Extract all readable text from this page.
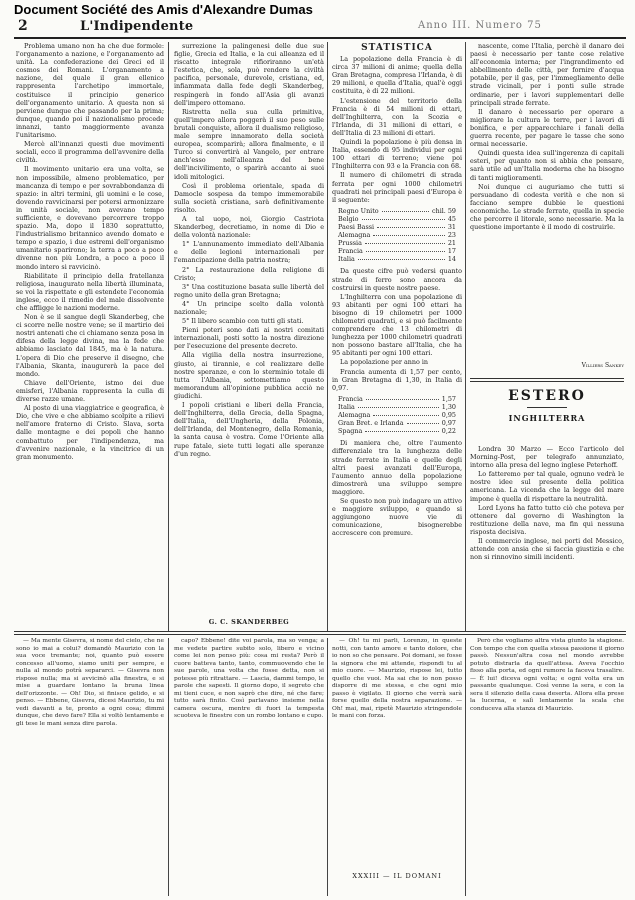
Document Société des Amis d'Alexandre Dumas
2	L'Indipendente	Anno III. Numero 75

Problema umano non ha che due formole: l'organamento a nazione, e l'organamento ad unità. La confederazione dei Greci ed il cosmos dei Romani. L'organamento a nazione, del quale il gran ellenico rappresenta l'archetipo immortale, costituisce il principio generico dell'organamento unitario. A questa non si perviene dunque che passando per la prima; dunque, quando poi il nazionalismo procede innanzi, tanto maggiormente avanza l'unitarismo.

Mercè all'innanzi questi due movimenti sociali, ecco il programma dell'avvenire della civiltà.

Il movimento unitario era una volta, se non impossibile, almeno problematico, per mancanza di tempo e per sovrabbondanza di spazio: in altri termini, gli uomini e le cose, dovendo ravvicinarsi per potersi armonizzare in unità sociale, non avevano tempo sufficiente, e dovevano percorrere troppo spazio. Ma, dopo il 1830 soprattutto, l'industrialismo britannico avendo domato e tempo e spazio, i due estremi dell'organismo umanitario sparirono; la terra a poco a poco divenne non più Londra, a poco a poco il mondo intero si ravvicinò.

Riabilitate il principio della fratellanza religiosa, inaugurato nella libertà illuminata, se voi la rispettate e gli estendete l'economia inglese, ecco il rimedio del male dissolvente che affligge le nazioni moderne.

Non è se il sangue degli Skanderbeg, che ci scorre nelle nostre vene; se il martirio dei nostri antenati che ci chiamano senza posa in difesa della legge divina, ma la fede che abbiamo lasciato dal 1845, ma è la natura. L'opera di Dio che preserve il disegno, che l'Albania, Skanta, inaugurerà la pace del mondo.

Chiave dell'Oriente, istmo dei due emisferi, l'Albania rappresenta la culla di diverse razze umane.

Al posto di una viaggiatrice e geografica, è Dio, che vive e che abbiamo scolpite a rilievi nell'amore fraterno di Cristo. Slava, sorta dalle montagne e dei popoli che hanno combattuto per l'indipendenza, ma d'avvenire nazionale, e la vincitrice di un gran monumento.

surrezione la palingenesi delle due sue figlie, Grecia ed Italia, e la cui alleanza ed il riscatto integrale rifioriranno un'età l'estetica, che, sola, può rendere la civiltà pacifica, personale, durevole, cristiana, ed, infiammata dalla fede degli Skanderbeg, respingerà in fondo all'Asia gli avanzi dell'impero ottomano.

Ristretta nella sua culla primitiva, quell'impero allora poggerà il suo peso sulle brutali conquiste, allora il dualismo religioso, male sempre innamorato della società europea, scomparirà; allora finalmente, e il Turco si convertirà al Vangelo, per entrare anch'esso nell'alleanza del bene dell'incivilimento, o sparirà accanto ai suoi idoli mitologici.

Così il problema orientale, spada di Damocle sospesa da tempo immemorabile sulla società cristiana, sarà definitivamente risolto.

A tal uopo, noi, Giorgio Castriota Skanderbeg, decretiamo, in nome di Dio e della volontà nazionale:

1° L'annunamento immediato dell'Albania e delle legioni internazionali per l'emancipazione della patria nostra;

2° La restaurazione della religione di Cristo;

3° Una costituzione basata sulle libertà del regno unito della gran Bretagna;

4° Un principe scelto dalla volontà nazionale;

5° Il libero scambio con tutti gli stati.

Pieni poteri sono dati ai nostri comitati internazionali, posti sotto la nostra direzione per l'esecuzione del presente decreto.

Alla vigilia della nostra insurrezione, giusto, ai tirannie, e col realizzare delle nostre speranze, e con lo sterminio totale di tutta l'Albania, sottomettiamo questo memorandum all'opinione pubblica acciò ne giudichi.

I popoli cristiani e liberi della Francia, dell'Inghilterra, della Grecia, della Spagna, dell'Italia, dell'Ungheria, della Polonia, dell'Irlanda, del Montenegro, della Romania, la santa causa è vostra. Come l'Oriente alla rupe fatale, siete tutti legati alle speranze d'un regno.

G. C. SKANDERBEG
STATISTICA

La popolazione della Francia è di circa 37 milioni di anime; quella della Gran Bretagna, compresa l'Irlanda, è di 29 milioni, e quella d'Italia, qual'è oggi costituita, è di 22 milioni.

L'estensione del territorio della Francia è di 54 milioni di ettari, dell'Inghilterra, con la Scozia e l'Irlanda, di 31 milioni di ettari, e dell'Italia di 23 milioni di ettari.

Quindi la popolazione è più densa in Italia, essendo di 95 individui per ogni 100 ettari di terreno; viene poi l'Inghilterra con 93 e la Francia con 68.

Il numero di chilometri di strada ferrata per ogni 1000 chilometri quadrati nei principali paesi d'Europa è il seguente:

Regno Unito	chil. 59
Belgio	45
Paesi Bassi	31
Alemagna	23
Prussia	21
Francia	17
Italia	14

Da queste cifre può vedersi quanto strade di ferro sono ancora da costruirsi in queste nostre paese.

L'Inghilterra con una popolazione di 93 abitanti per ogni 100 ettari ha bisogno di 19 chilometri per 1000 chilometri quadrati, e si può facilmente comprendere che 13 chilometri di lunghezza per 1000 chilometri quadrati non possono bastare all'Italia, che ha 95 abitanti per ogni 100 ettari.

La popolazione per anno in

Francia aumenta di 1,57 per cento, in Gran Bretagna di 1,30, in Italia di 0,97.

Francia	1,57
Italia	1,30
Alemagna	0,95
Gran Bret. e Irlanda	0,97
Spagna	0,22

Di maniera che, oltre l'aumento differenziale tra la lunghezza delle strade ferrate in Italia e quelle degli altri paesi avanzati dell'Europa, l'aumento annuo della popolazione dimostrerà una sviluppo sempre maggiore.

Se questo non può indagare un attivo e maggiore sviluppo, e quando si aggiungono nuove vie di comunicazione, bisognerebbe accrescere con premure.

nascente, come l'Italia, perchè il danaro dei paesi è necessario per tante cose relative all'economia interna; per l'ingrandimento ed abbellimento delle città, per fornire d'acqua potabile, per il gas, per l'immegliamento delle strade vicinali, per i ponti sulle strade ordinarie, per i lavori supplementari delle principali strade ferrate.

Il danaro è necessario per operare a migliorare la cultura le terre, per i lavori di bonifica, e per apparecchiare i fanali della guerra recente, per pagare le tasse che sono ormai necessarie.

Quindi questa idea sull'ingerenza di capitali esteri, per quanto non si abbia che pensare, sarà utile ad un'Italia moderna che ha bisogno di tanti miglioramenti.

Noi dunque ci auguriamo che tutti si persuadano di codesta verità e che non si facciano sempre dubbie le questioni economiche. Le strade ferrate, quella in specie che percorre il litorale, sono necessarie. Ma la questione importante è il modo di costruirle.

Villiers Sankey
ESTERO
INGHILTERRA

Londra 30 Marzo — Ecco l'articolo del Morning-Post, per telegrafo annunziato, intorno alla presa del legno inglese Peterhoff.

Lo fatteremo per tal quale, ognuno vedrà le nostre idee sul presente della politica americana. La vicenda che la legge del mare impone è quella di rispettare la neutralità.

Lord Lyons ha fatto tutto ciò che poteva per ottenere dal governo di Washington la restituzione della nave, ma fin qui nessuna risposta decisiva.

Il commercio inglese, nei porti del Messico, attende con ansia che si faccia giustizia e che non si rinnovino simili incidenti.

— Ma mente Gisevra, si nome del cielo, che ne sono io mai a colui? domandò Maurizio con la sua voce tremante; noi, quanto può essere concesso all'uomo, siamo uniti per sempre, e nulla al mondo potrà separarci. — Gisevra non rispose nulla; ma si avvicinò alla finestra, e si mise a guardare lontano la bruna linea dell'orizzonte. — Oh! Dio, si finisce gelido, e si penso. — Ebbene, Gisevra, dicesi Maurizio, tu mi vedi davanti a te, pronto a ogni cosa; dimmi dunque, che devo fare? Ella si voltò lentamente e gli tese le mani senza dire parola.

capo? Ebbene! dite voi parola, ma so venga; a me vedete partire subito solo, libero e vicino come lei non penso più: cosa mi resta? Però il cuore batteva tanto, tanto, commuovendo che le sue parole, una volta che fosse detta, non si potesse più ritrattare. — Lascia, dammi tempo, le parole che sapesti. Il giorno dopo, il segreto che mi tieni cuce, e non saprò che dire, né che fare; tutto sarà finito. Così parlavano insieme nella camera oscura, mentre di fuori la tempesta scuoteva le finestre con un rombo lontano e cupo.

— Oh! tu mi parli, Lorenzo, in queste notti, con tanto amore e tanto dolore, che io non so che pensare. Poi domani, se fosse la signora che mi attende, rispondi tu al mio cuore. — Maurizio, rispose lei, tutto quello che vuoi. Ma sai che io non posso disporre di me stessa, e che ogni mio passo è vigilato. Il giorno che verrà sarà forse quello della nostra separazione. — Oh! mai, mai, ripetè Maurizio stringendole le mani con forza.

XXXIII — IL DOMANI

Però che vogliamo altra vista giunto la stagione. Con tempo che con quella stessa passione il giorno passò. Nessun'altra cosa nel mondo avrebbe potuto distrarla da quell'attesa. Aveva l'occhio fisso alla porta, ed ogni rumore la faceva trasalire. — È lui! diceva ogni volta; e ogni volta era un passante qualunque. Così venne la sera, e con la sera il silenzio della casa deserta. Allora ella prese la lucerna, e salì lentamente la scala che conduceva alla stanza di Maurizio.
